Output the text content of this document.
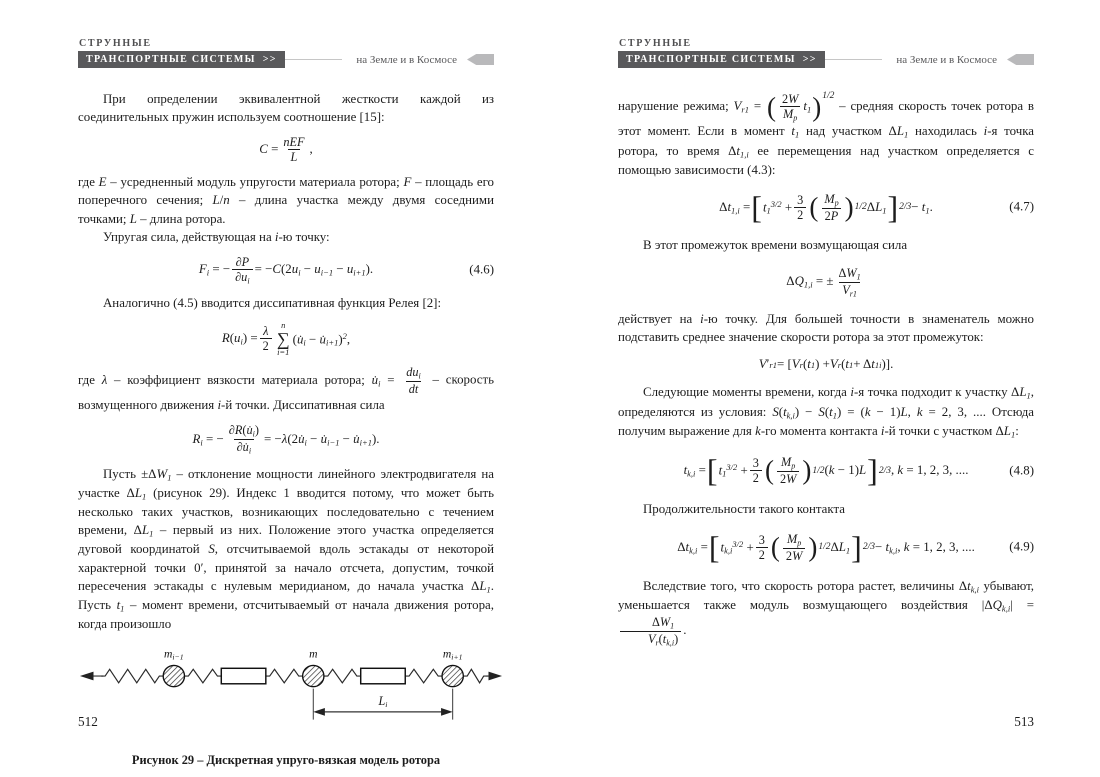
СТРУННЫЕ
ТРАНСПОРТНЫЕ СИСТЕМЫ >>	на Земле и в Космосе

При определении эквивалентной жесткости каждой из соединительных пружин используем соотношение [15]:

$C = \frac{\text{nEF}}{L}$ ,

где E – усредненный модуль упругости материала ротора; F – площадь его поперечного сечения; L/n – длина участка между двумя соседними точками; L – длина ротора.

Упругая сила, действующая на i-ю точку:

Fi = − $\frac{\partial P}{\partial ui} = -C(2ui - ui-1 - ui+1)$.	(4.6)

Аналогично (4.5) вводится диссипативная функция Релея [2]:

$R(ui) = \frac{\lambda}{2}$ n
∑
i=1
(u̇i − u̇i+1)$^2$,

где λ – коэффициент вязкости материала ротора; u̇i = $\frac{\text{dui}}{dt}$ – скорость возмущенного движения i-й точки. Диссипативная сила

Ri = − $\frac{\partial R(u̇i)}{\partial u̇i}$ = −λ(2u̇i − u̇i−1 − u̇i+1).

Пусть ±ΔW1 – отклонение мощности линейного электродвигателя на участке ΔL1 (рисунок 29). Индекс 1 вводится потому, что может быть несколько таких участков, возникающих последовательно с течением времени, ΔL1 – первый из них. Положение этого участка определяется дуговой координатой S, отсчитываемой вдоль эстакады от некоторой характерной точки 0′, принятой за начало отсчета, допустим, точкой пересечения эстакады с нулевым меридианом, до начала участка ΔL1. Пусть t1 – момент времени, отсчитываемый от начала движения ротора, когда произошло

mi−1	m	mi+1
Li
Рисунок 29 – Дискретная упруго-вязкая модель ротора
СТРУННЫЕ
ТРАНСПОРТНЫЕ СИСТЕМЫ >>	на Земле и в Космосе

нарушение режима; Vr1 = ( $\frac{2W}{Mp} t1)^{1/2}$ – средняя скорость точек ротора в этот момент. Если в момент t1 над участком ΔL1 находилась i-я точка ротора, то время Δt1,i ее перемещения над участком определяется с помощью зависимости (4.3):

Δt1,i = [ $t1^{3/2} + \frac{3}{2}$ ( $\frac{Mp}{2P}$ ) 1/2 ΔL1 ] 2/3 − t1.	(4.7)

В этот промежуток времени возмущающая сила

ΔQ1,i = ± $\frac{\Delta W1}{Vr1}$

действует на i-ю точку. Для большей точности в знаменатель можно подставить среднее значение скорости ротора за этот промежуток:

V ′ r1 = [ V r ( t 1 ) + V r ( t 1 + Δ t 1i )].

Следующие моменты времени, когда i-я точка подходит к участку ΔL1, определяются из условия: S(tk,i) − S(t1) = (k − 1)L, k = 2, 3, .... Отсюда получим выражение для k-го момента контакта i-й точки с участком ΔL1:

tk,i = [ $t1^{3/2} + \frac{3}{2}$ ( $\frac{Mp}{2W}$ ) 1/2 (k − 1)L ] 2/3 , k = 1, 2, 3, ....	(4.8)

Продолжительности такого контакта

Δtk,i = [ $tk,i^{3/2} + \frac{3}{2}$ ( $\frac{Mp}{2W}$ ) 1/2 ΔL1 ] 2/3 − tk,i, k = 1, 2, 3, ....	(4.9)

Вследствие того, что скорость ротора растет, величины Δtk,i убывают, уменьшается также модуль возмущающего воздействия |ΔQk,i| =
$\frac{\Delta W1}{Vr(tk,i)}$ .

512	513
